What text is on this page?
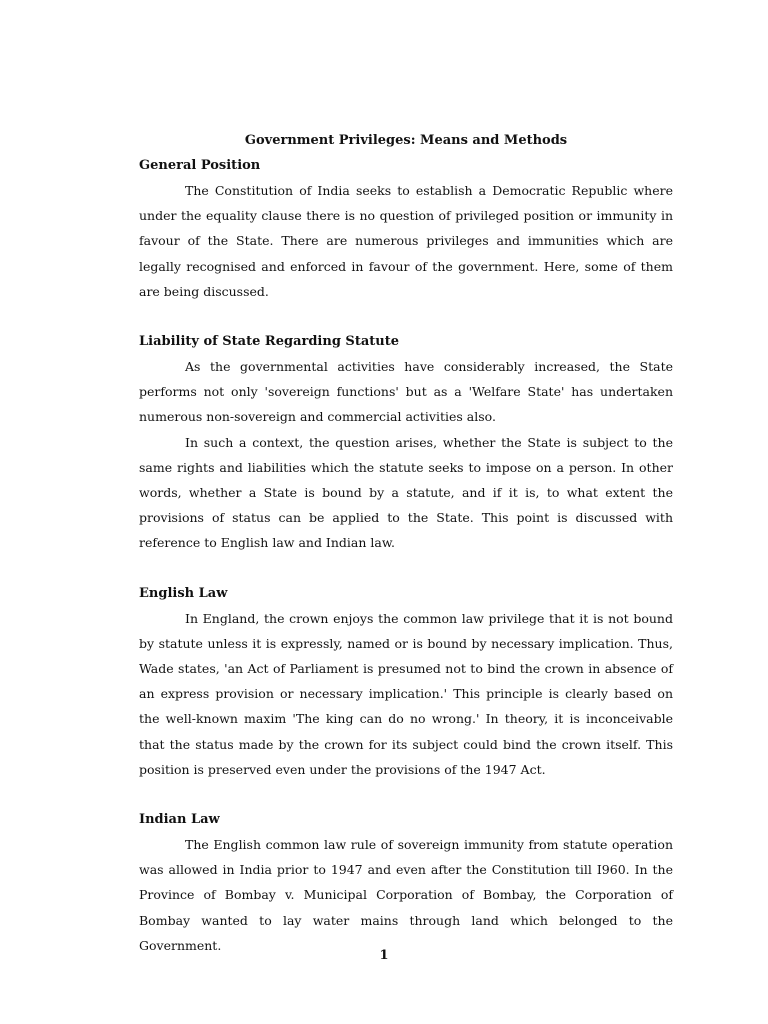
Government Privileges: Means and Methods
General Position

The Constitution of India seeks to establish a Democratic Republic where under the equality clause there is no question of privileged position or immunity in favour of the State. There are numerous privileges and immunities which are legally recognised and enforced in favour of the government. Here, some of them are being discussed.

Liability of State Regarding Statute

As the governmental activities have considerably increased, the State performs not only 'sovereign functions' but as a 'Welfare State' has undertaken numerous non-sovereign and commercial activities also.

In such a context, the question arises, whether the State is subject to the same rights and liabilities which the statute seeks to impose on a person. In other words, whether a State is bound by a statute, and if it is, to what extent the provisions of status can be applied to the State. This point is discussed with reference to English law and Indian law.

English Law

In England, the crown enjoys the common law privilege that it is not bound by statute unless it is expressly, named or is bound by necessary implication. Thus, Wade states, 'an Act of Parliament is presumed not to bind the crown in absence of an express provision or necessary implication.' This principle is clearly based on the well-known maxim 'The king can do no wrong.' In theory, it is inconceivable that the status made by the crown for its subject could bind the crown itself. This position is preserved even under the provisions of the 1947 Act.

Indian Law

The English common law rule of sovereign immunity from statute operation was allowed in India prior to 1947 and even after the Constitution till I960. In the Province of Bombay v. Municipal Corporation of Bombay, the Corporation of Bombay wanted to lay water mains through land which belonged to the Government.

1
